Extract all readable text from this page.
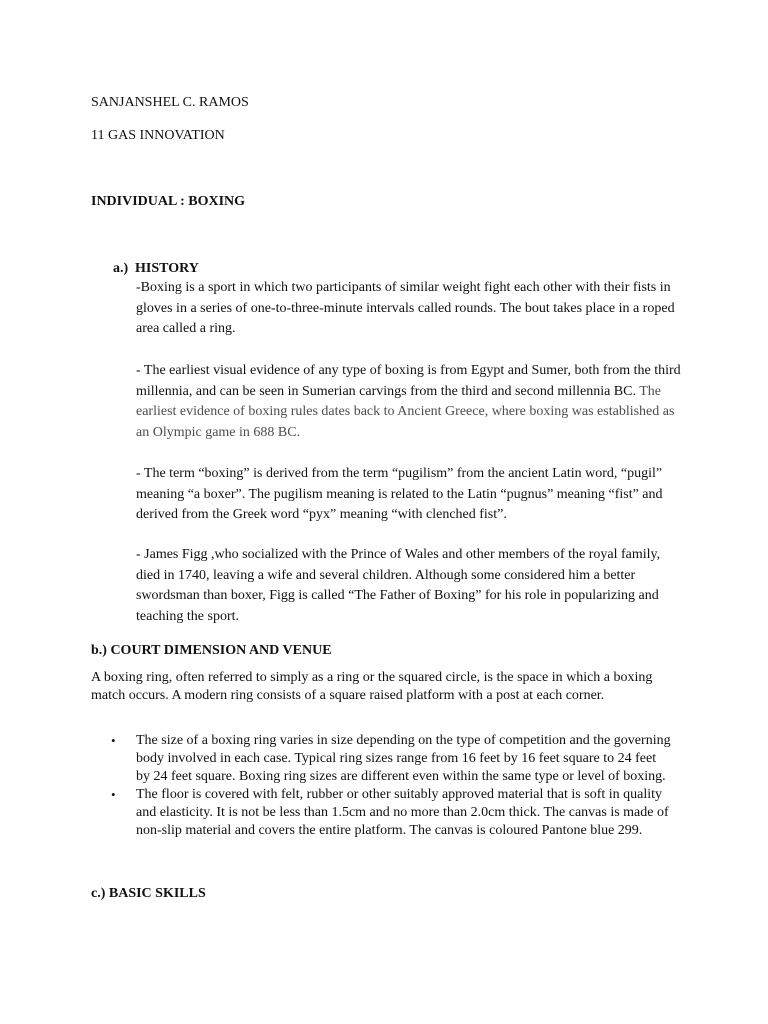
SANJANSHEL C. RAMOS
11 GAS INNOVATION
INDIVIDUAL : BOXING
a.) HISTORY

-Boxing is a sport in which two participants of similar weight fight each other with their fists in gloves in a series of one-to-three-minute intervals called rounds. The bout takes place in a roped area called a ring.

- The earliest visual evidence of any type of boxing is from Egypt and Sumer, both from the third millennia, and can be seen in Sumerian carvings from the third and second millennia BC. The earliest evidence of boxing rules dates back to Ancient Greece, where boxing was established as an Olympic game in 688 BC.

- The term “boxing” is derived from the term “pugilism” from the ancient Latin word, “pugil” meaning “a boxer”. The pugilism meaning is related to the Latin “pugnus” meaning “fist” and derived from the Greek word “pyx” meaning “with clenched fist”.

- James Figg ,who socialized with the Prince of Wales and other members of the royal family, died in 1740, leaving a wife and several children. Although some considered him a better swordsman than boxer, Figg is called “The Father of Boxing” for his role in popularizing and teaching the sport.

b.) COURT DIMENSION AND VENUE
A boxing ring, often referred to simply as a ring or the squared circle, is the space in which a boxing match occurs. A modern ring consists of a square raised platform with a post at each corner.
• The size of a boxing ring varies in size depending on the type of competition and the governing body involved in each case. Typical ring sizes range from 16 feet by 16 feet square to 24 feet by 24 feet square. Boxing ring sizes are different even within the same type or level of boxing.
• The floor is covered with felt, rubber or other suitably approved material that is soft in quality and elasticity. It is not be less than 1.5cm and no more than 2.0cm thick. The canvas is made of non-slip material and covers the entire platform. The canvas is coloured Pantone blue 299.
c.) BASIC SKILLS
